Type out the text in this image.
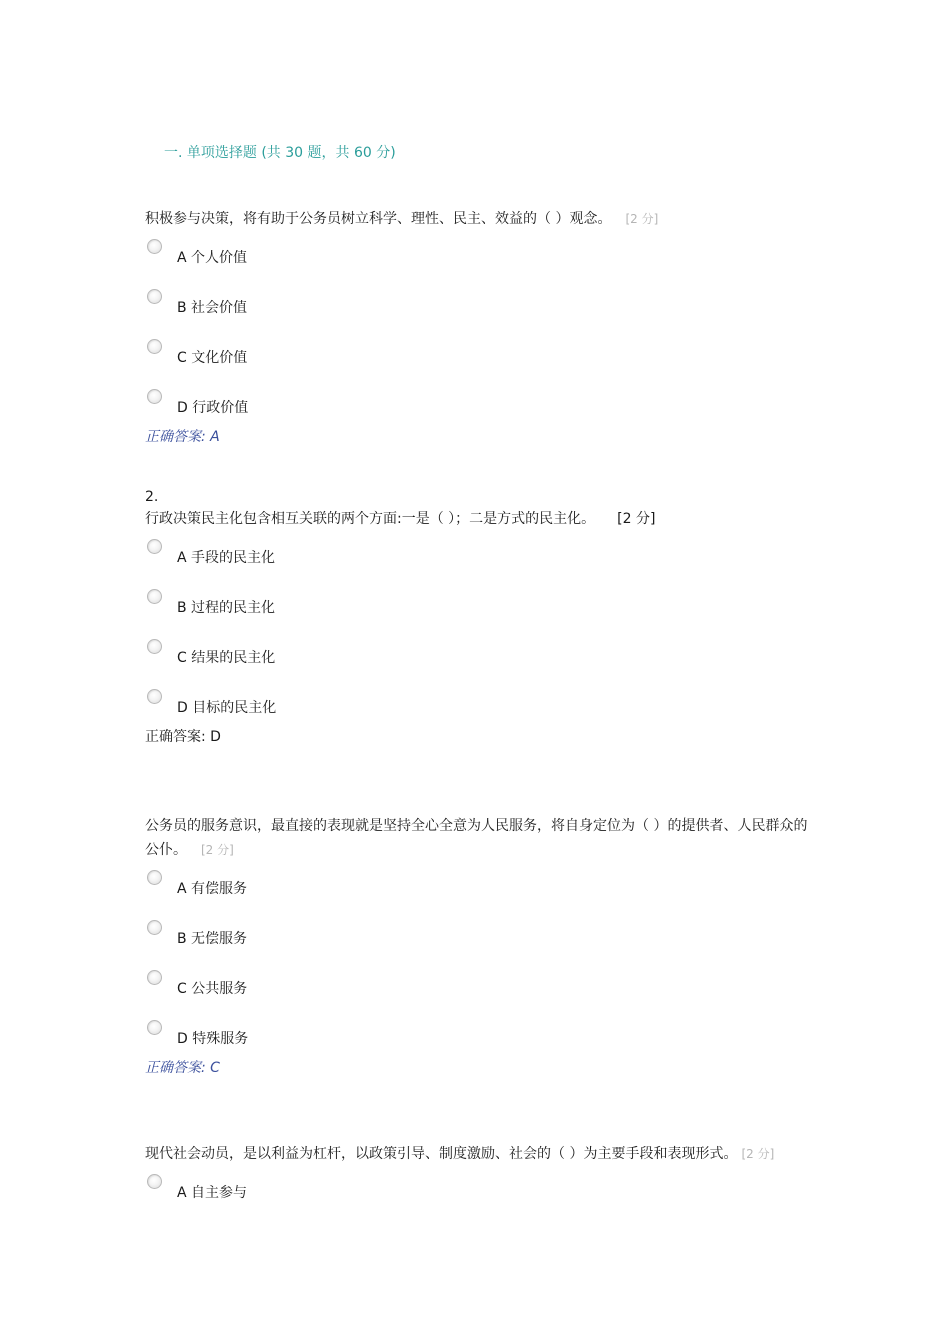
一. 单项选择题 (共 30 题，共 60 分)
积极参与决策，将有助于公务员树立科学、理性、民主、效益的（ ）观念。 [2 分]
A 个人价值
B 社会价值
C 文化价值
D 行政价值
正确答案: A
2.
行政决策民主化包含相互关联的两个方面:一是（ ）；二是方式的民主化。 [2 分]
A 手段的民主化
B 过程的民主化
C 结果的民主化
D 目标的民主化
正确答案: D
公务员的服务意识，最直接的表现就是坚持全心全意为人民服务，将自身定位为（ ）的提供者、人民群众的公仆。 [2 分]
A 有偿服务
B 无偿服务
C 公共服务
D 特殊服务
正确答案: C
现代社会动员，是以利益为杠杆，以政策引导、制度激励、社会的（ ）为主要手段和表现形式。 [2 分]
A 自主参与
